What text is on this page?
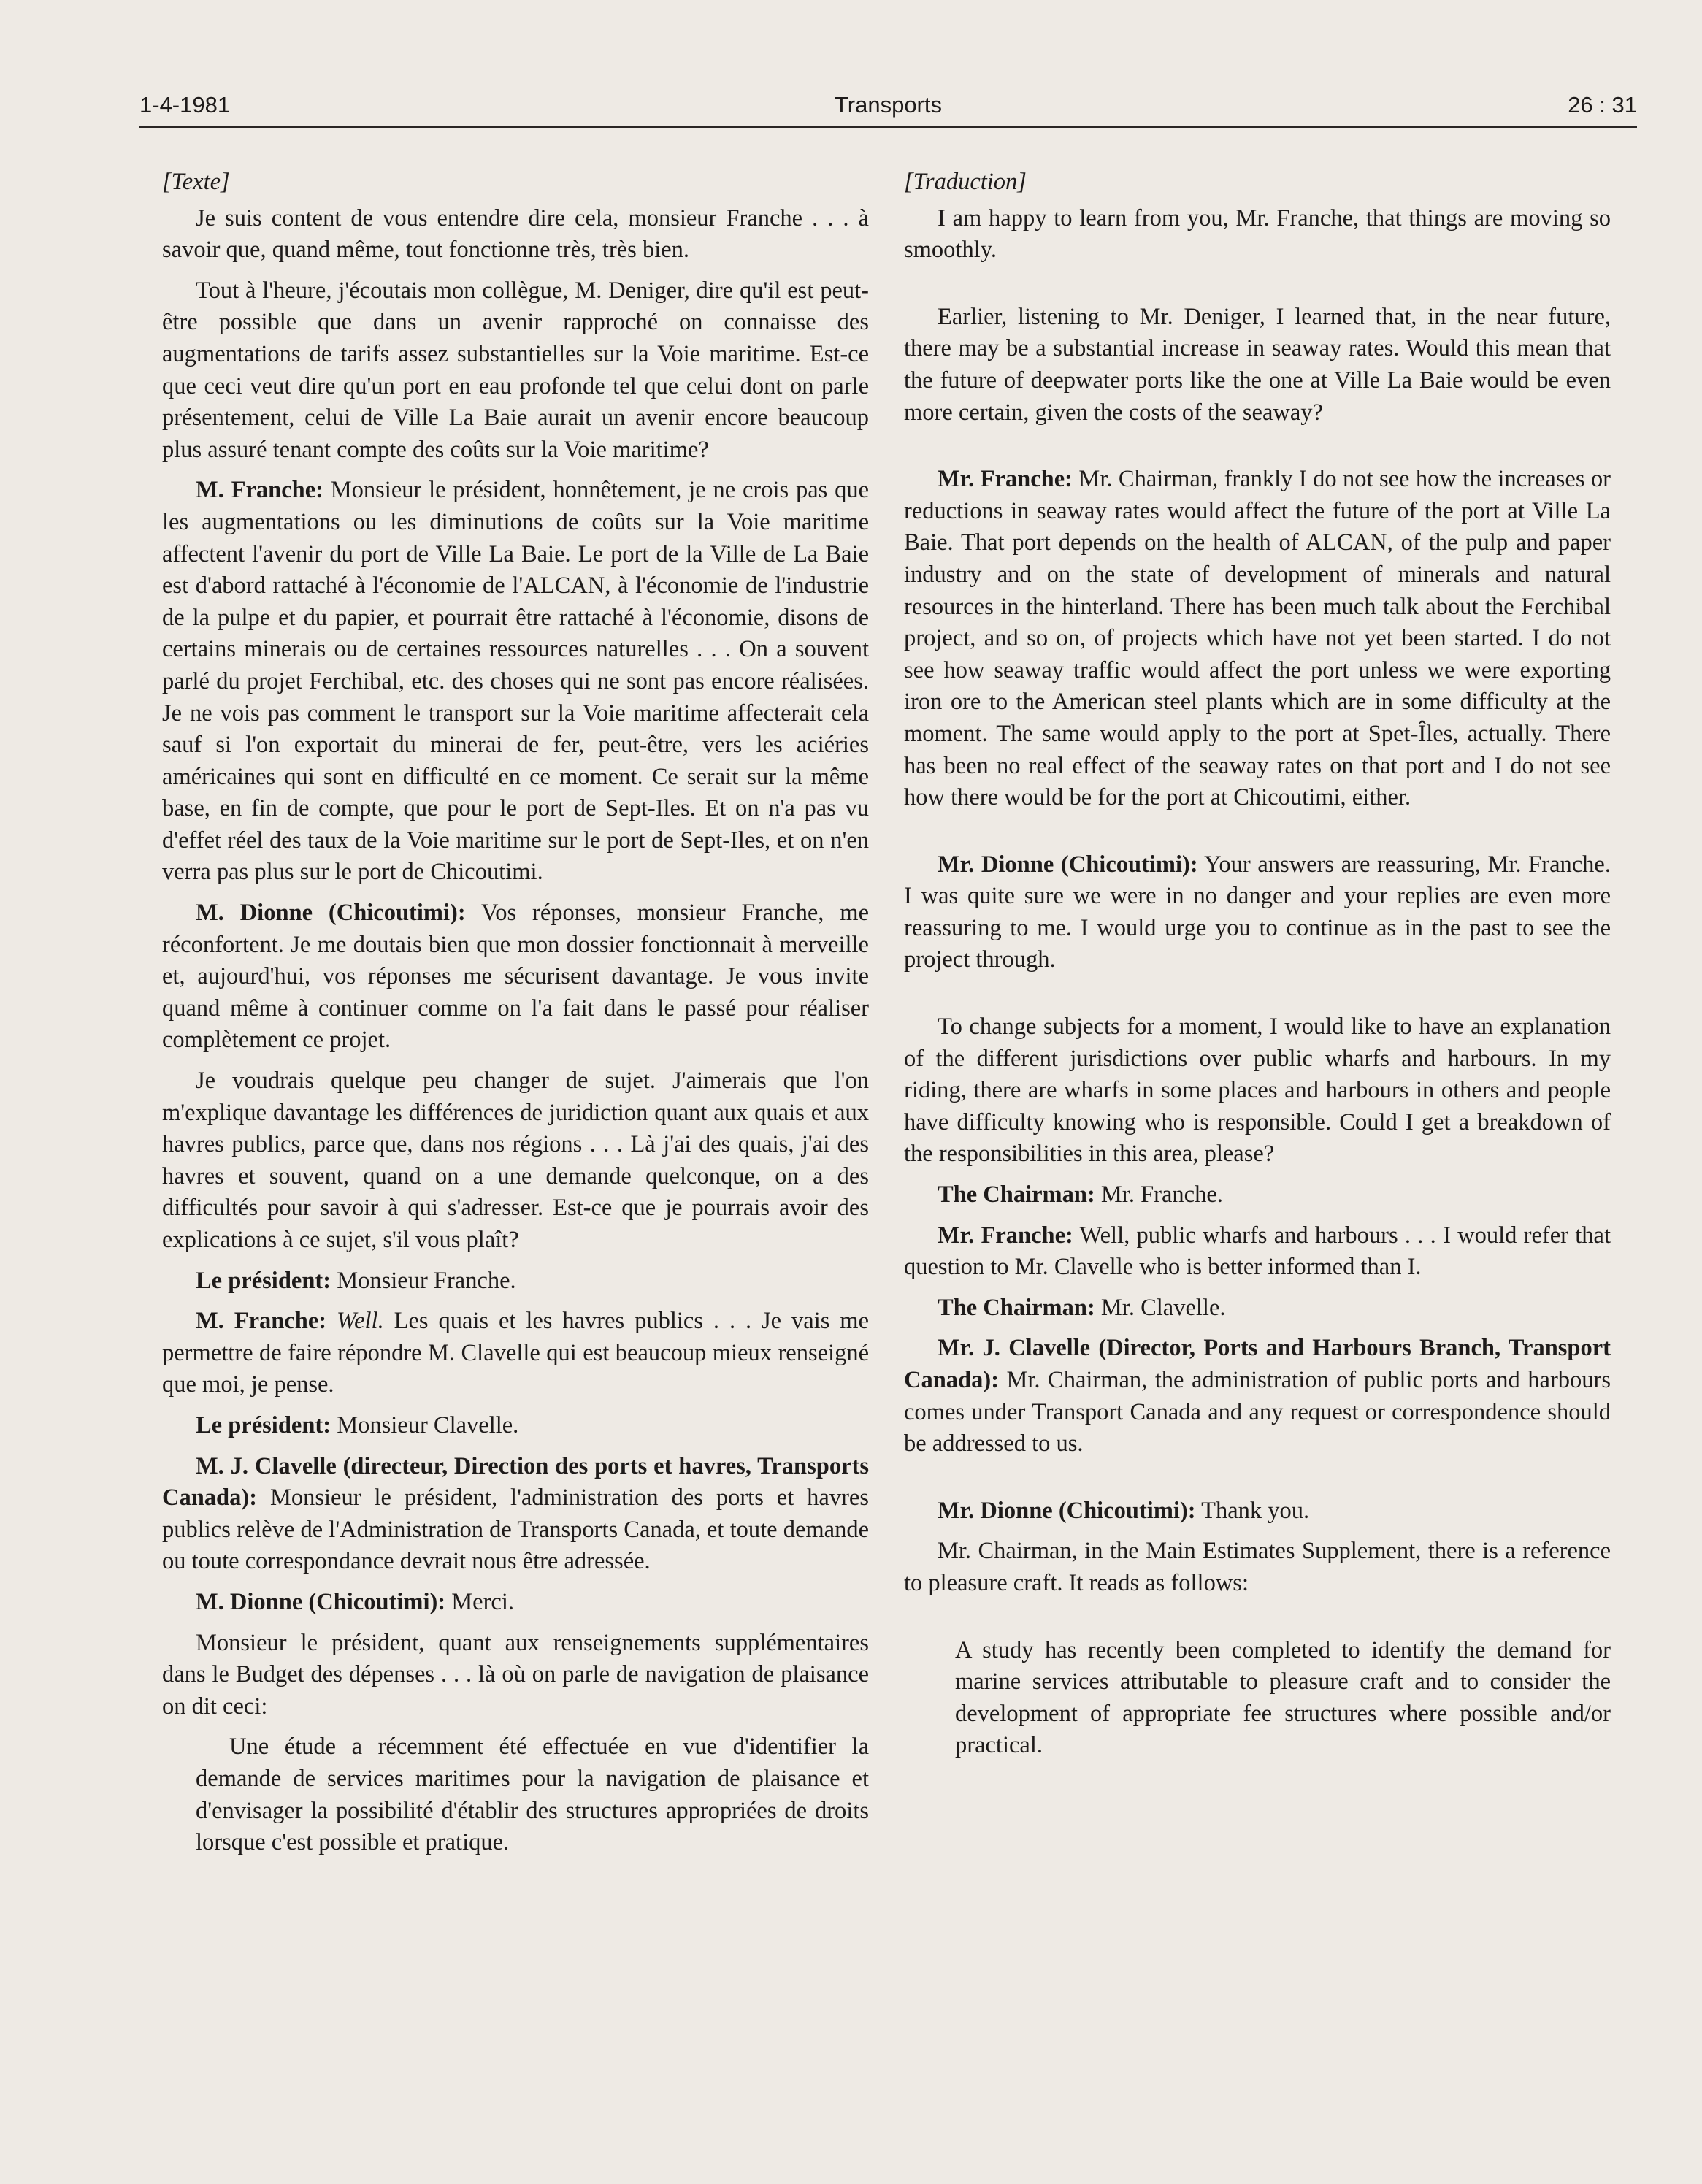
1-4-1981	Transports	26 : 31

[Texte]

Je suis content de vous entendre dire cela, monsieur Franche . . . à savoir que, quand même, tout fonctionne très, très bien.

Tout à l'heure, j'écoutais mon collègue, M. Deniger, dire qu'il est peut-être possible que dans un avenir rapproché on connaisse des augmentations de tarifs assez substantielles sur la Voie maritime. Est-ce que ceci veut dire qu'un port en eau profonde tel que celui dont on parle présentement, celui de Ville La Baie aurait un avenir encore beaucoup plus assuré tenant compte des coûts sur la Voie maritime?

M. Franche: Monsieur le président, honnêtement, je ne crois pas que les augmentations ou les diminutions de coûts sur la Voie maritime affectent l'avenir du port de Ville La Baie. Le port de la Ville de La Baie est d'abord rattaché à l'économie de l'ALCAN, à l'économie de l'industrie de la pulpe et du papier, et pourrait être rattaché à l'économie, disons de certains minerais ou de certaines ressources naturelles . . . On a souvent parlé du projet Ferchibal, etc. des choses qui ne sont pas encore réalisées. Je ne vois pas comment le transport sur la Voie maritime affecterait cela sauf si l'on exportait du minerai de fer, peut-être, vers les aciéries américaines qui sont en difficulté en ce moment. Ce serait sur la même base, en fin de compte, que pour le port de Sept-Iles. Et on n'a pas vu d'effet réel des taux de la Voie maritime sur le port de Sept-Iles, et on n'en verra pas plus sur le port de Chicoutimi.

M. Dionne (Chicoutimi): Vos réponses, monsieur Franche, me réconfortent. Je me doutais bien que mon dossier fonctionnait à merveille et, aujourd'hui, vos réponses me sécurisent davantage. Je vous invite quand même à continuer comme on l'a fait dans le passé pour réaliser complètement ce projet.

Je voudrais quelque peu changer de sujet. J'aimerais que l'on m'explique davantage les différences de juridiction quant aux quais et aux havres publics, parce que, dans nos régions . . . Là j'ai des quais, j'ai des havres et souvent, quand on a une demande quelconque, on a des difficultés pour savoir à qui s'adresser. Est-ce que je pourrais avoir des explications à ce sujet, s'il vous plaît?

Le président: Monsieur Franche.

M. Franche: Well. Les quais et les havres publics . . . Je vais me permettre de faire répondre M. Clavelle qui est beaucoup mieux renseigné que moi, je pense.

Le président: Monsieur Clavelle.

M. J. Clavelle (directeur, Direction des ports et havres, Transports Canada): Monsieur le président, l'administration des ports et havres publics relève de l'Administration de Transports Canada, et toute demande ou toute correspondance devrait nous être adressée.

M. Dionne (Chicoutimi): Merci.

Monsieur le président, quant aux renseignements supplémentaires dans le Budget des dépenses . . . là où on parle de navigation de plaisance on dit ceci:

Une étude a récemment été effectuée en vue d'identifier la demande de services maritimes pour la navigation de plaisance et d'envisager la possibilité d'établir des structures appropriées de droits lorsque c'est possible et pratique.

[Traduction]

I am happy to learn from you, Mr. Franche, that things are moving so smoothly.

Earlier, listening to Mr. Deniger, I learned that, in the near future, there may be a substantial increase in seaway rates. Would this mean that the future of deepwater ports like the one at Ville La Baie would be even more certain, given the costs of the seaway?

Mr. Franche: Mr. Chairman, frankly I do not see how the increases or reductions in seaway rates would affect the future of the port at Ville La Baie. That port depends on the health of ALCAN, of the pulp and paper industry and on the state of development of minerals and natural resources in the hinterland. There has been much talk about the Ferchibal project, and so on, of projects which have not yet been started. I do not see how seaway traffic would affect the port unless we were exporting iron ore to the American steel plants which are in some difficulty at the moment. The same would apply to the port at Spet-Îles, actually. There has been no real effect of the seaway rates on that port and I do not see how there would be for the port at Chicoutimi, either.

Mr. Dionne (Chicoutimi): Your answers are reassuring, Mr. Franche. I was quite sure we were in no danger and your replies are even more reassuring to me. I would urge you to continue as in the past to see the project through.

To change subjects for a moment, I would like to have an explanation of the different jurisdictions over public wharfs and harbours. In my riding, there are wharfs in some places and harbours in others and people have difficulty knowing who is responsible. Could I get a breakdown of the responsibilities in this area, please?

The Chairman: Mr. Franche.

Mr. Franche: Well, public wharfs and harbours . . . I would refer that question to Mr. Clavelle who is better informed than I.

The Chairman: Mr. Clavelle.

Mr. J. Clavelle (Director, Ports and Harbours Branch, Transport Canada): Mr. Chairman, the administration of public ports and harbours comes under Transport Canada and any request or correspondence should be addressed to us.

Mr. Dionne (Chicoutimi): Thank you.

Mr. Chairman, in the Main Estimates Supplement, there is a reference to pleasure craft. It reads as follows:

A study has recently been completed to identify the demand for marine services attributable to pleasure craft and to consider the development of appropriate fee structures where possible and/or practical.
